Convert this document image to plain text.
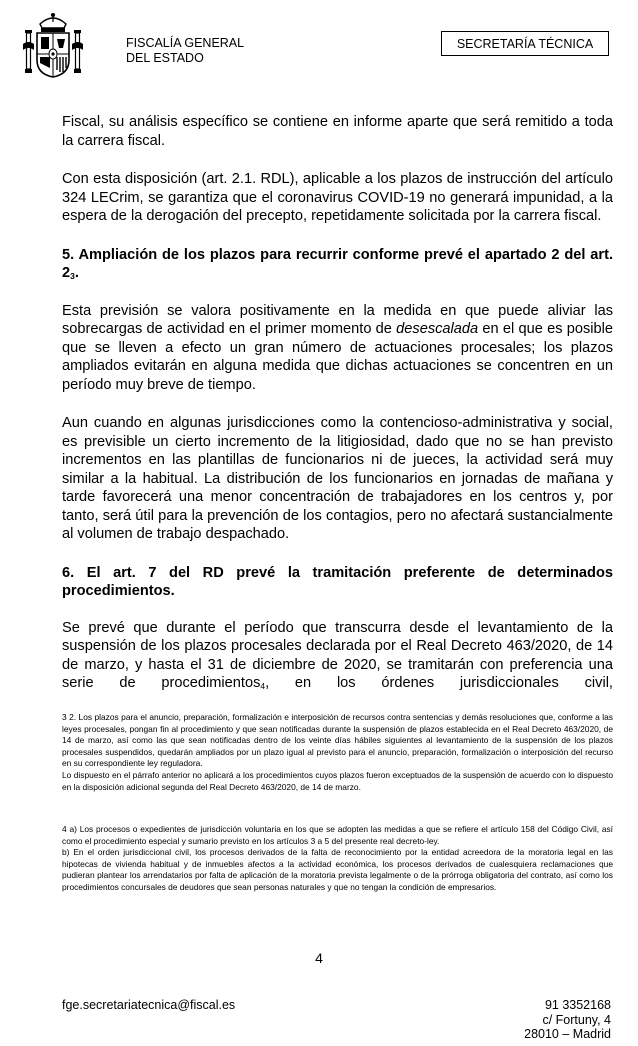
FISCALÍA GENERAL
DEL ESTADO
SECRETARÍA TÉCNICA

Fiscal, su análisis específico se contiene en informe aparte que será remitido a toda la carrera fiscal.

Con esta disposición (art. 2.1. RDL), aplicable a los plazos de instrucción del artículo 324 LECrim, se garantiza que el coronavirus COVID-19 no generará impunidad, a la espera de la derogación del precepto, repetidamente solicitada por la carrera fiscal.

5. Ampliación de los plazos para recurrir conforme prevé el apartado 2 del art. 23.

Esta previsión se valora positivamente en la medida en que puede aliviar las sobrecargas de actividad en el primer momento de desescalada en el que es posible que se lleven a efecto un gran número de actuaciones procesales; los plazos ampliados evitarán en alguna medida que dichas actuaciones se concentren en un período muy breve de tiempo.

Aun cuando en algunas jurisdicciones como la contencioso-administrativa y social, es previsible un cierto incremento de la litigiosidad, dado que no se han previsto incrementos en las plantillas de funcionarios ni de jueces, la actividad será muy similar a la habitual. La distribución de los funcionarios en jornadas de mañana y tarde favorecerá una menor concentración de trabajadores en los centros y, por tanto, será útil para la prevención de los contagios, pero no afectará sustancialmente al volumen de trabajo despachado.

6. El art. 7 del RD prevé la tramitación preferente de determinados procedimientos.

Se prevé que durante el período que transcurra desde el levantamiento de la suspensión de los plazos procesales declarada por el Real Decreto 463/2020, de 14 de marzo, y hasta el 31 de diciembre de 2020, se tramitarán con preferencia una serie de procedimientos4, en los órdenes jurisdiccionales civil,

3 2. Los plazos para el anuncio, preparación, formalización e interposición de recursos contra sentencias y demás resoluciones que, conforme a las leyes procesales, pongan fin al procedimiento y que sean notificadas durante la suspensión de plazos establecida en el Real Decreto 463/2020, de 14 de marzo, así como las que sean notificadas dentro de los veinte días hábiles siguientes al levantamiento de la suspensión de los plazos procesales suspendidos, quedarán ampliados por un plazo igual al previsto para el anuncio, preparación, formalización o interposición del recurso en su correspondiente ley reguladora.

Lo dispuesto en el párrafo anterior no aplicará a los procedimientos cuyos plazos fueron exceptuados de la suspensión de acuerdo con lo dispuesto en la disposición adicional segunda del Real Decreto 463/2020, de 14 de marzo.

4 a) Los procesos o expedientes de jurisdicción voluntaria en los que se adopten las medidas a que se refiere el artículo 158 del Código Civil, así como el procedimiento especial y sumario previsto en los artículos 3 a 5 del presente real decreto-ley.

b) En el orden jurisdiccional civil, los procesos derivados de la falta de reconocimiento por la entidad acreedora de la moratoria legal en las hipotecas de vivienda habitual y de inmuebles afectos a la actividad económica, los procesos derivados de cualesquiera reclamaciones que pudieran plantear los arrendatarios por falta de aplicación de la moratoria prevista legalmente o de la prórroga obligatoria del contrato, así como los procedimientos concursales de deudores que sean personas naturales y que no tengan la condición de empresarios.

4
fge.secretariatecnica@fiscal.es	91 3352168
c/ Fortuny, 4
28010 – Madrid
